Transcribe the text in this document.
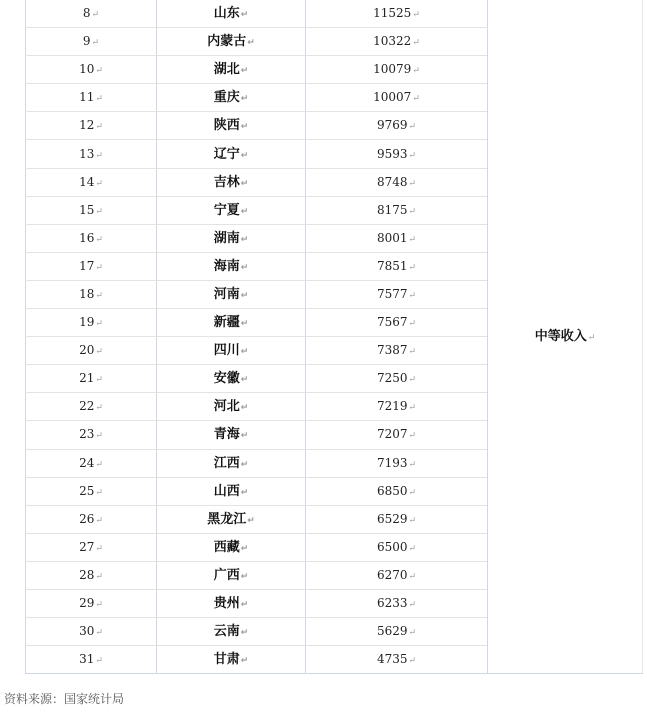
8↵	山东↵	11525↵	中等收入↵
9↵	内蒙古↵	10322↵	
10↵	湖北↵	10079↵	
11↵	重庆↵	10007↵	
12↵	陕西↵	9769↵	
13↵	辽宁↵	9593↵	
14↵	吉林↵	8748↵	
15↵	宁夏↵	8175↵	
16↵	湖南↵	8001↵	
17↵	海南↵	7851↵	
18↵	河南↵	7577↵	
19↵	新疆↵	7567↵	
20↵	四川↵	7387↵	
21↵	安徽↵	7250↵	
22↵	河北↵	7219↵	
23↵	青海↵	7207↵	
24↵	江西↵	7193↵	
25↵	山西↵	6850↵	
26↵	黑龙江↵	6529↵	
27↵	西藏↵	6500↵	
28↵	广西↵	6270↵	
29↵	贵州↵	6233↵	
30↵	云南↵	5629↵	
31↵	甘肃↵	4735↵	
资料来源：国家统计局
